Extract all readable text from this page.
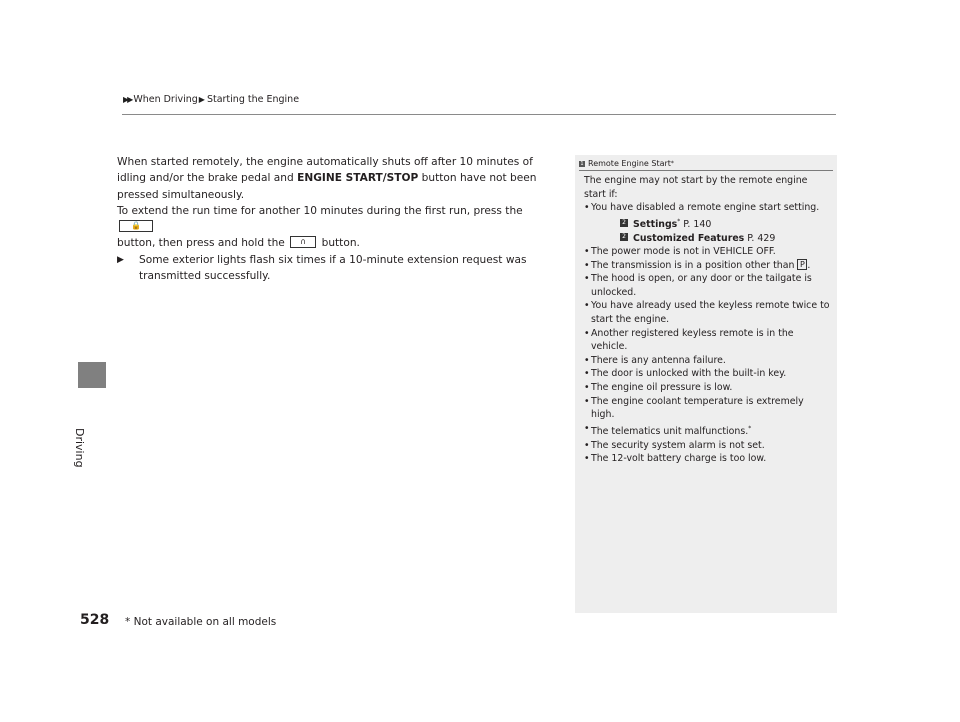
▶▶ When Driving ▶ Starting the Engine
Driving

When started remotely, the engine automatically shuts off after 10 minutes of idling and/or the brake pedal and ENGINE START/STOP button have not been pressed simultaneously.

To extend the run time for another 10 minutes during the first run, press the 🔒
button, then press and hold the ∩ button.

▶	Some exterior lights flash six times if a 10-minute extension request was transmitted successfully.
1 Remote Engine Start *
The engine may not start by the remote engine start if:
• You have disabled a remote engine start setting.
2 Settings* P. 140
2 Customized Features P. 429
• The power mode is not in VEHICLE OFF.
• The transmission is in a position other than P .
• The hood is open, or any door or the tailgate is unlocked.
• You have already used the keyless remote twice to start the engine.
• Another registered keyless remote is in the vehicle.
• There is any antenna failure.
• The door is unlocked with the built-in key.
• The engine oil pressure is low.
• The engine coolant temperature is extremely high.
• The telematics unit malfunctions.*
• The security system alarm is not set.
• The 12-volt battery charge is too low.
528 * Not available on all models
